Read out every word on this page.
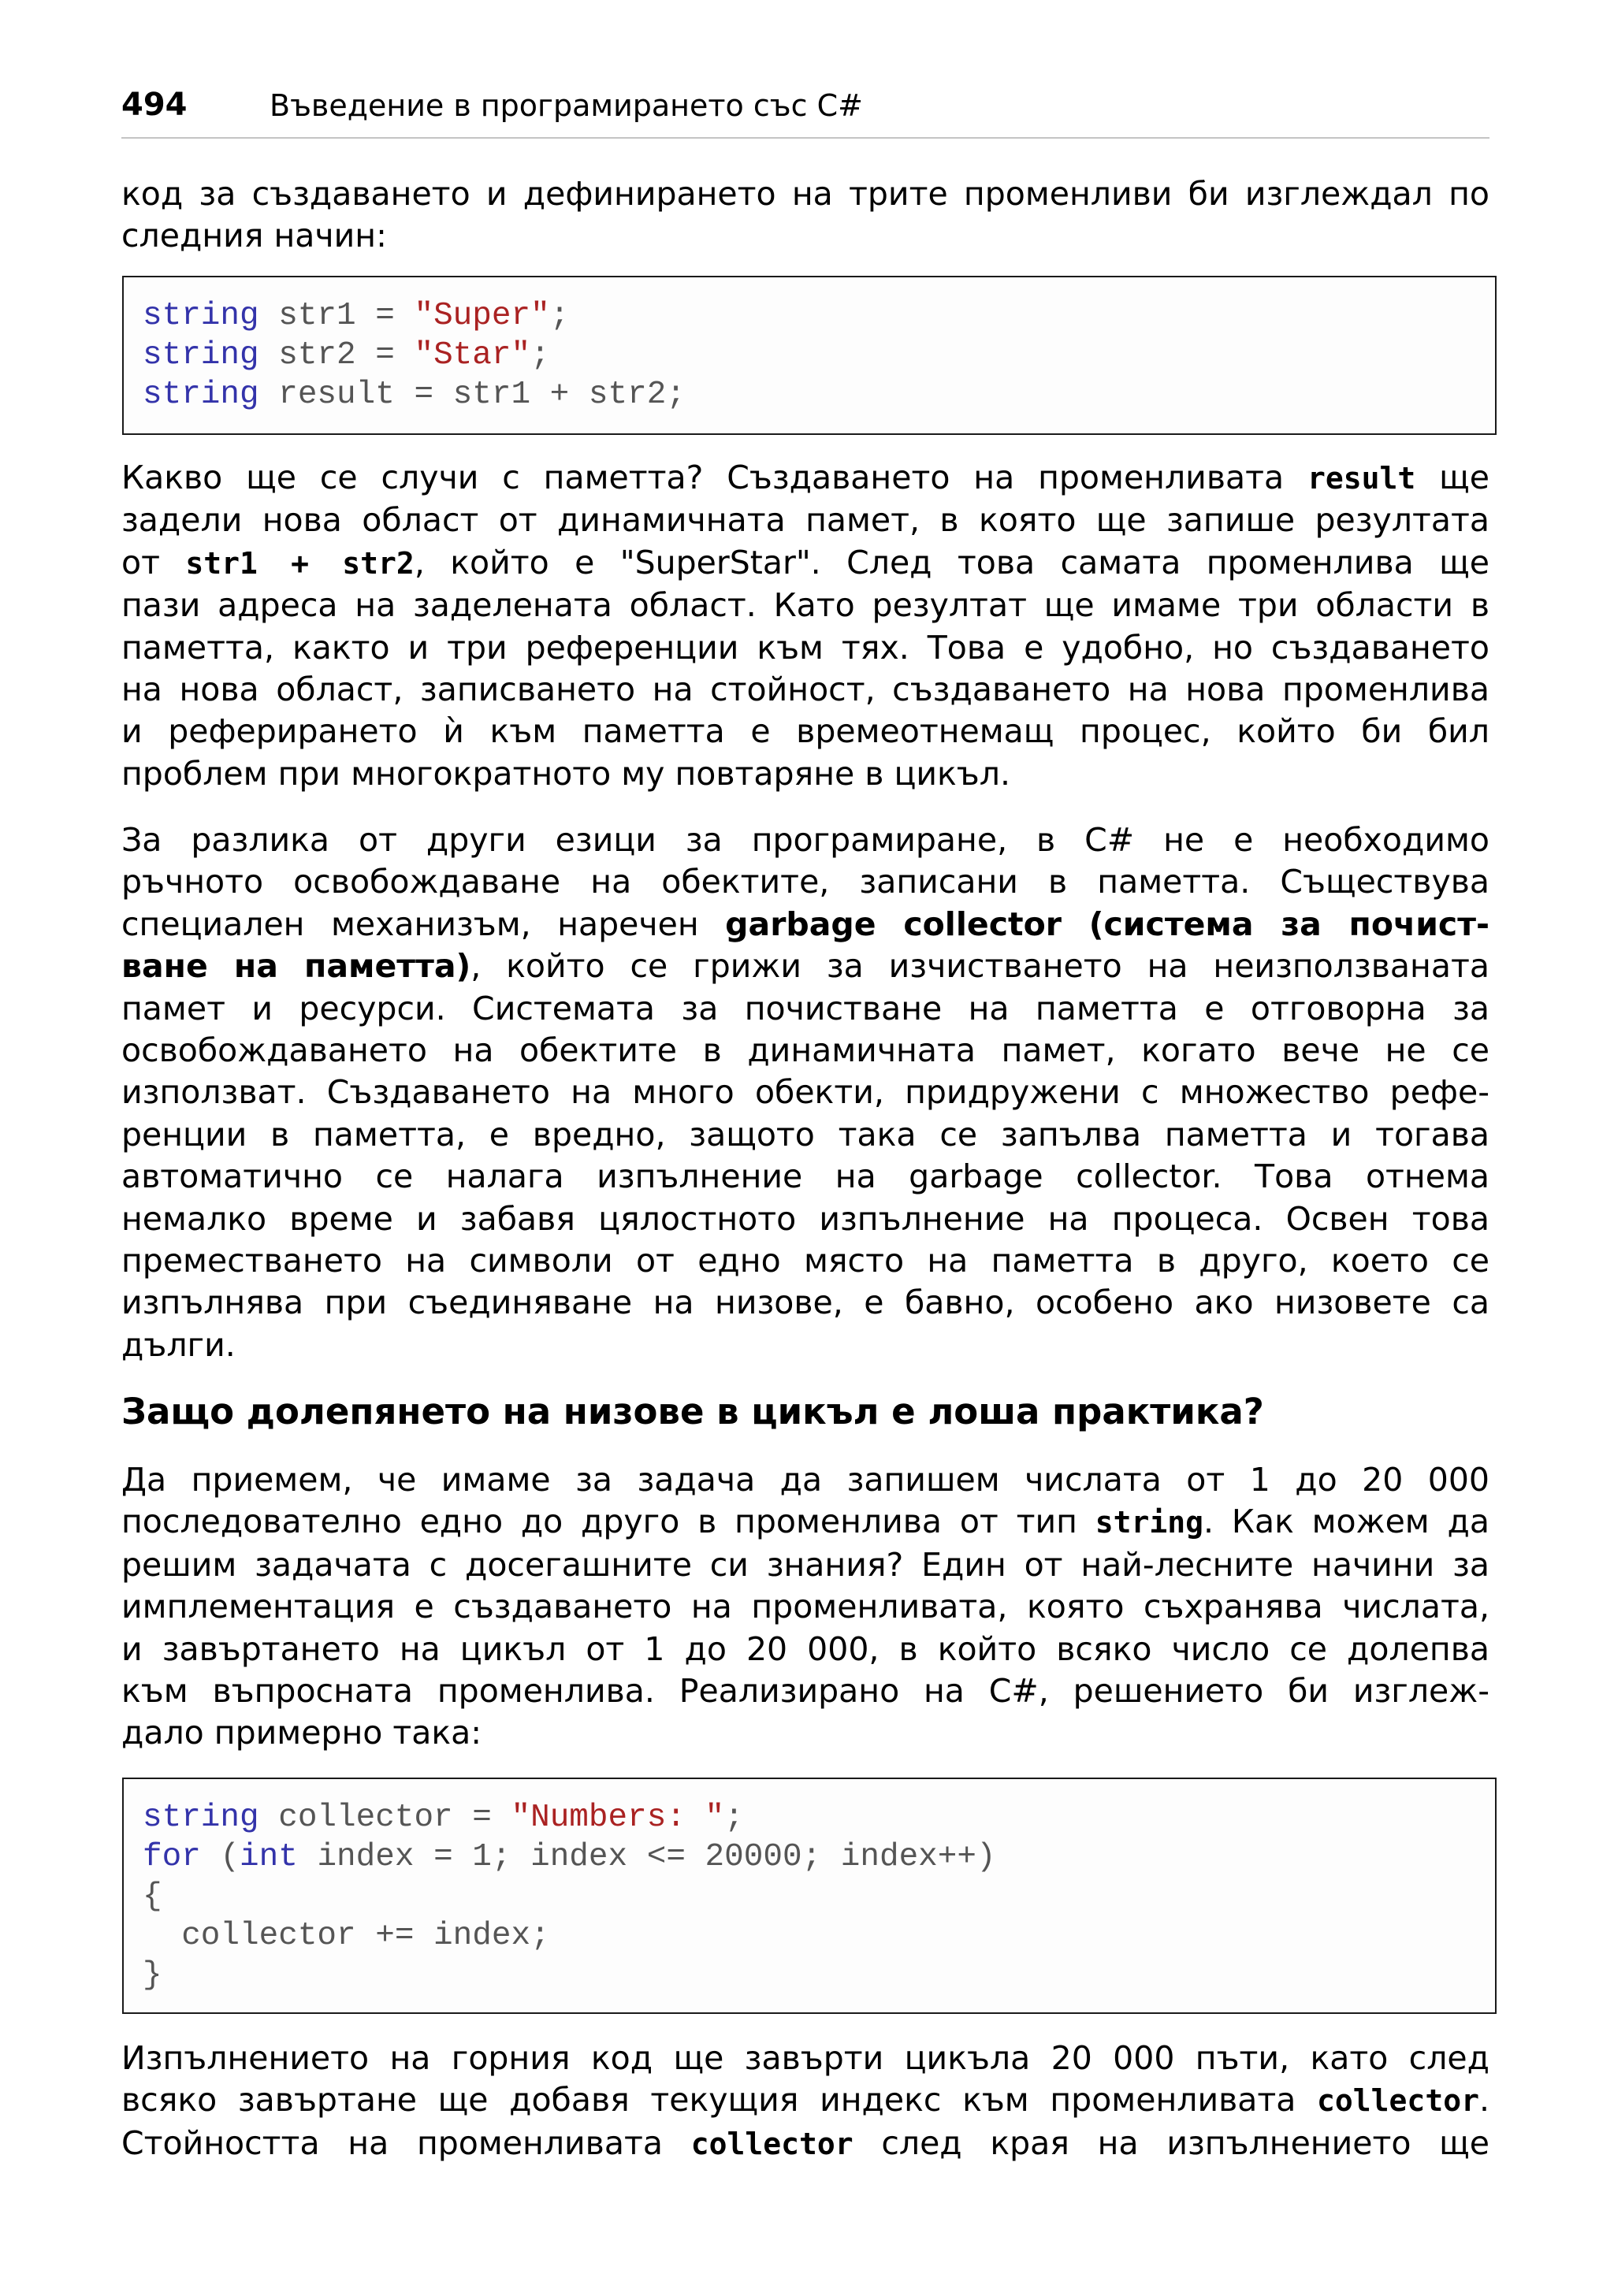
494	Въведение в програмирането със C#
код за създаването и дефинирането на трите променливи би изглеждал по
следния начин:
string str1 = "Super";
string str2 = "Star";
string result = str1 + str2;
Какво ще се случи с паметта? Създаването на променливата result ще
задели нова област от динамичната памет, в която ще запише резултата
от str1 + str2, който е "SuperStar". След това самата променлива ще
пази адреса на заделената област. Като резултат ще имаме три области в
паметта, както и три референции към тях. Това е удобно, но създаването
на нова област, записването на стойност, създаването на нова променлива
и реферирането ѝ към паметта е времеотнемащ процес, който би бил
проблем при многократното му повтаряне в цикъл.
За разлика от други езици за програмиране, в C# не е необходимо
ръчното освобождаване на обектите, записани в паметта. Съществува
специален механизъм, наречен garbage collector (система за почист-
ване на паметта), който се грижи за изчистването на неизползваната
памет и ресурси. Системата за почистване на паметта е отговорна за
освобождаването на обектите в динамичната памет, когато вече не се
използват. Създаването на много обекти, придружени с множество рефе-
ренции в паметта, е вредно, защото така се запълва паметта и тогава
автоматично се налага изпълнение на garbage collector. Това отнема
немалко време и забавя цялостното изпълнение на процеса. Освен това
преместването на символи от едно място на паметта в друго, което се
изпълнява при съединяване на низове, е бавно, особено ако низовете са
дълги.
Защо долепянето на низове в цикъл е лоша практика?
Да приемем, че имаме за задача да запишем числата от 1 до 20 000
последователно едно до друго в променлива от тип string. Как можем да
решим задачата с досегашните си знания? Един от най-лесните начини за
имплементация е създаването на променливата, която съхранява числата,
и завъртането на цикъл от 1 до 20 000, в който всяко число се долепва
към въпросната променлива. Реализирано на C#, решението би изглеж-
дало примерно така:
string collector = "Numbers: ";
for (int index = 1; index <= 20000; index++)
{
collector += index;
}
Изпълнението на горния код ще завърти цикъла 20 000 пъти, като след
всяко завъртане ще добавя текущия индекс към променливата collector.
Стойността на променливата collector след края на изпълнението ще
